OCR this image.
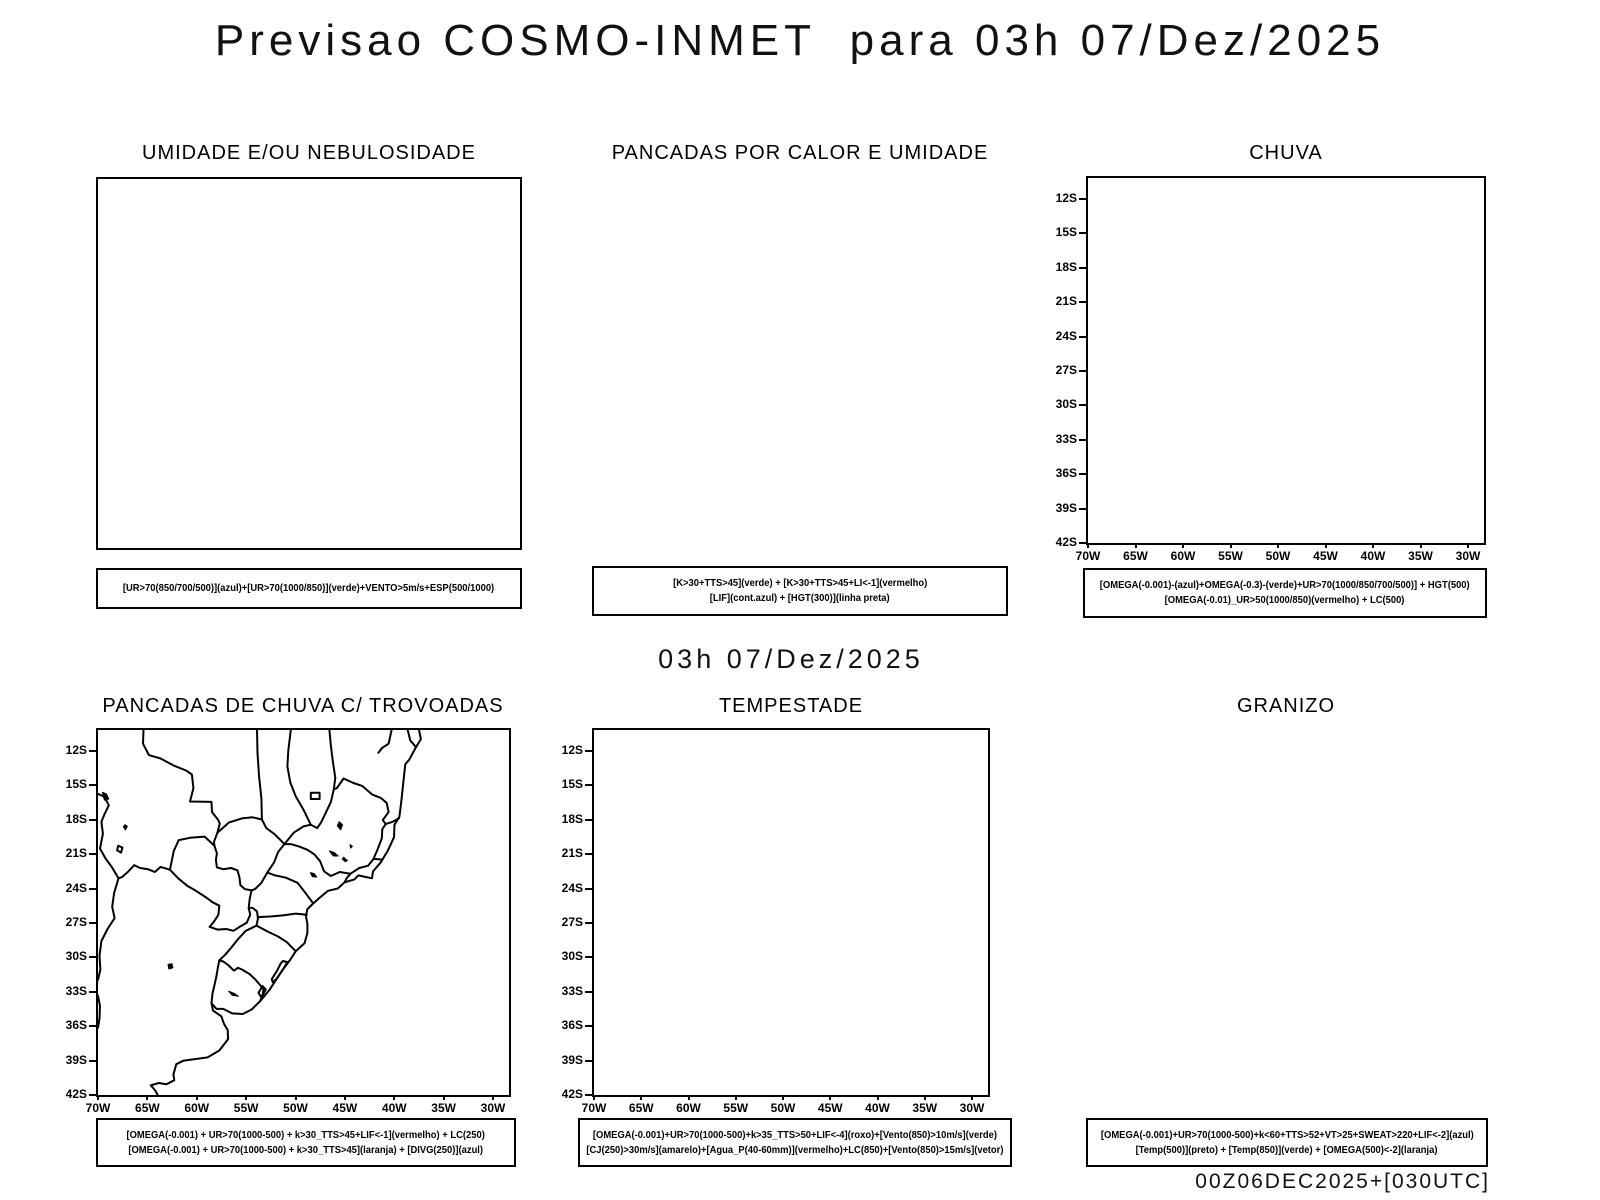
Previsao COSMO-INMET  para 03h 07/Dez/2025
UMIDADE E/OU NEBULOSIDADE	PANCADAS POR CALOR E UMIDADE	CHUVA
12S
15S
18S
21S
24S
27S
30S
33S
36S
39S
42S
70W	65W	60W	55W	50W	45W	40W	35W	30W
[UR>70(850/700/500)](azul)+[UR>70(1000/850)](verde)+VENTO>5m/s+ESP(500/1000)	[K>30+TTS>45](verde) + [K>30+TTS>45+LI<-1](vermelho)
[LIF](cont.azul) + [HGT(300)](linha preta)
[OMEGA(-0.001)-(azul)+OMEGA(-0.3)-(verde)+UR>70(1000/850/700/500)] + HGT(500)
[OMEGA(-0.01)_UR>50(1000/850)(vermelho) + LC(500)
03h 07/Dez/2025
PANCADAS DE CHUVA C/ TROVOADAS	TEMPESTADE	GRANIZO
12S
15S
18S
21S
24S
27S
30S
33S
36S
39S
42S
70W	65W	60W	55W	50W	45W	40W	35W	30W
12S
15S
18S
21S
24S
27S
30S
33S
36S
39S
42S
70W	65W	60W	55W	50W	45W	40W	35W	30W
[OMEGA(-0.001) + UR>70(1000-500) + k>30_TTS>45+LIF<-1](vermelho) + LC(250)
[OMEGA(-0.001) + UR>70(1000-500) + k>30_TTS>45](laranja) + [DIVG(250)](azul)
[OMEGA(-0.001)+UR>70(1000-500)+k>35_TTS>50+LIF<-4](roxo)+[Vento(850)>10m/s](verde)
[CJ(250)>30m/s](amarelo)+[Agua_P(40-60mm)](vermelho)+LC(850)+[Vento(850)>15m/s](vetor)
[OMEGA(-0.001)+UR>70(1000-500)+k<60+TTS>52+VT>25+SWEAT>220+LIF<-2](azul)
[Temp(500)](preto) + [Temp(850)](verde) + [OMEGA(500)<-2](laranja)
00Z06DEC2025+[030UTC]
